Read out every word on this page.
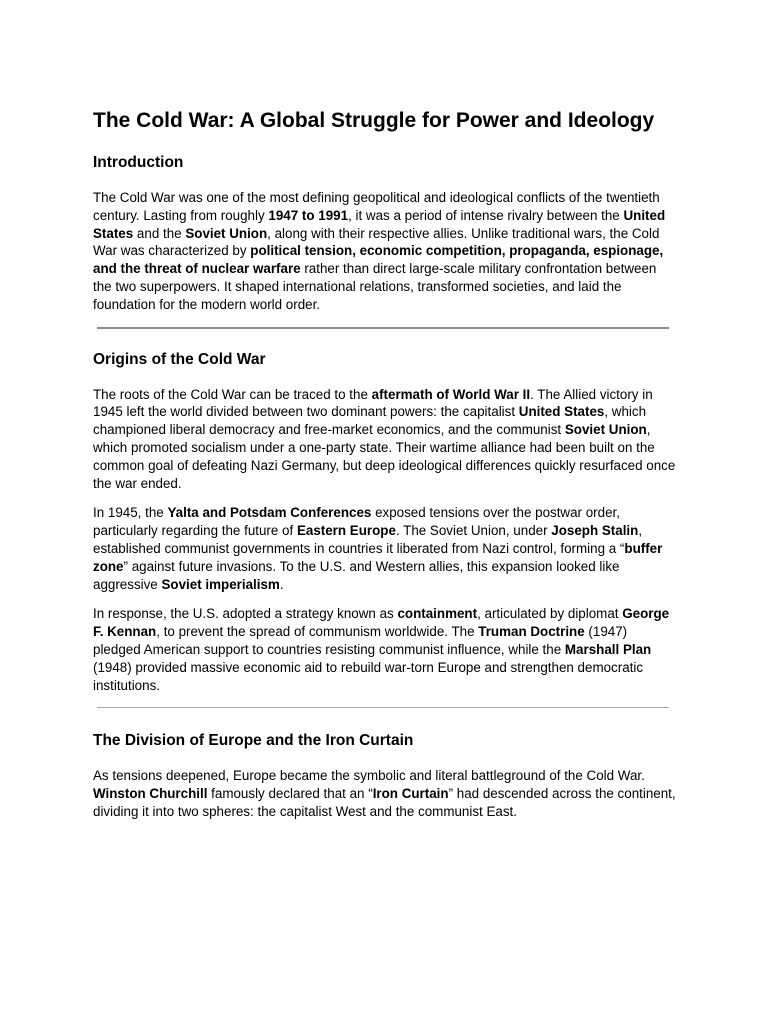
The Cold War: A Global Struggle for Power and Ideology
Introduction

The Cold War was one of the most defining geopolitical and ideological conflicts of the twentieth century. Lasting from roughly 1947 to 1991, it was a period of intense rivalry between the United States and the Soviet Union, along with their respective allies. Unlike traditional wars, the Cold War was characterized by political tension, economic competition, propaganda, espionage, and the threat of nuclear warfare rather than direct large-scale military confrontation between the two superpowers. It shaped international relations, transformed societies, and laid the foundation for the modern world order.

Origins of the Cold War

The roots of the Cold War can be traced to the aftermath of World War II. The Allied victory in 1945 left the world divided between two dominant powers: the capitalist United States, which championed liberal democracy and free-market economics, and the communist Soviet Union, which promoted socialism under a one-party state. Their wartime alliance had been built on the common goal of defeating Nazi Germany, but deep ideological differences quickly resurfaced once the war ended.

In 1945, the Yalta and Potsdam Conferences exposed tensions over the postwar order, particularly regarding the future of Eastern Europe. The Soviet Union, under Joseph Stalin, established communist governments in countries it liberated from Nazi control, forming a “buffer zone” against future invasions. To the U.S. and Western allies, this expansion looked like aggressive Soviet imperialism.

In response, the U.S. adopted a strategy known as containment, articulated by diplomat George F. Kennan, to prevent the spread of communism worldwide. The Truman Doctrine (1947) pledged American support to countries resisting communist influence, while the Marshall Plan (1948) provided massive economic aid to rebuild war-torn Europe and strengthen democratic institutions.

The Division of Europe and the Iron Curtain

As tensions deepened, Europe became the symbolic and literal battleground of the Cold War. Winston Churchill famously declared that an “Iron Curtain” had descended across the continent, dividing it into two spheres: the capitalist West and the communist East.
